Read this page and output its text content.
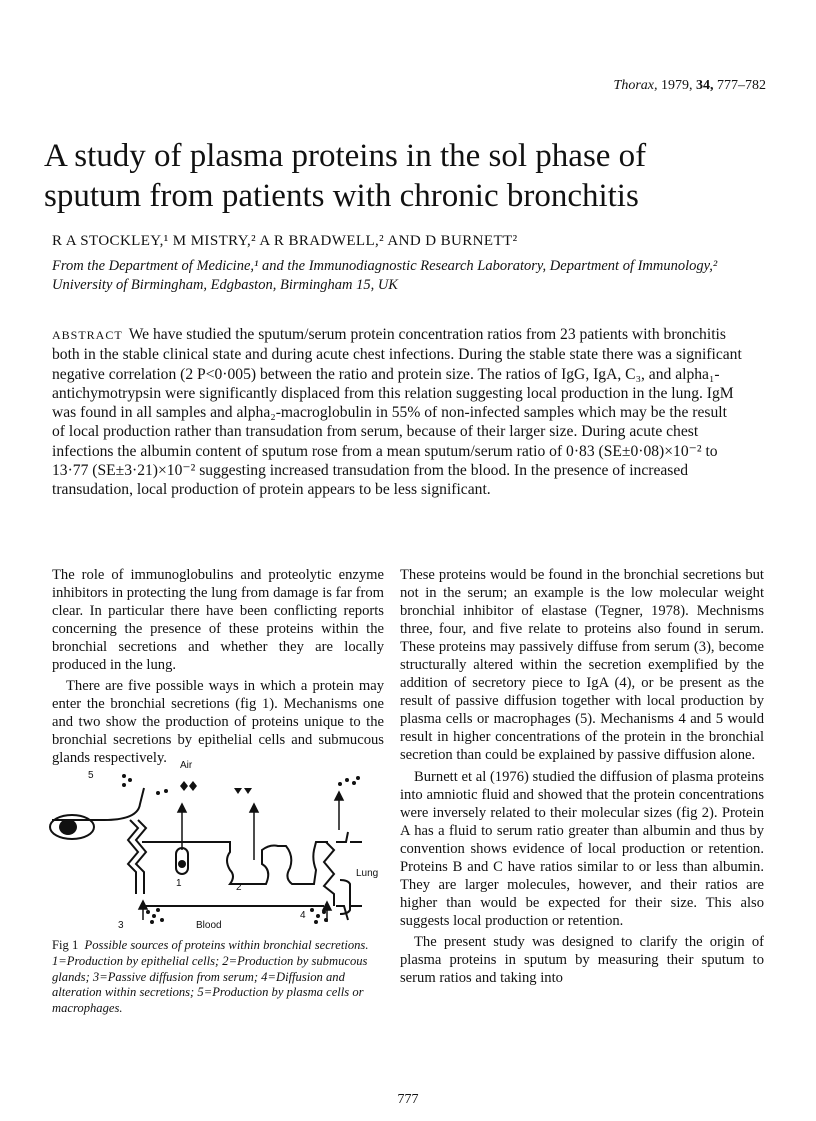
Thorax, 1979, 34, 777–782
A study of plasma proteins in the sol phase of sputum from patients with chronic bronchitis
R A STOCKLEY,¹ M MISTRY,² A R BRADWELL,² AND D BURNETT²
From the Department of Medicine,¹ and the Immunodiagnostic Research Laboratory, Department of Immunology,² University of Birmingham, Edgbaston, Birmingham 15, UK
ABSTRACT We have studied the sputum/serum protein concentration ratios from 23 patients with bronchitis both in the stable clinical state and during acute chest infections. During the stable state there was a significant negative correlation (2 P<0·005) between the ratio and protein size. The ratios of IgG, IgA, C₃, and alpha₁-antichymotrypsin were significantly displaced from this relation suggesting local production in the lung. IgM was found in all samples and alpha₂-macroglobulin in 55% of non-infected samples which may be the result of local production rather than transudation from serum, because of their larger size. During acute chest infections the albumin content of sputum rose from a mean sputum/serum ratio of 0·83 (SE±0·08)×10⁻² to 13·77 (SE±3·21)×10⁻² suggesting increased transudation from the blood. In the presence of increased transudation, local production of protein appears to be less significant.

The role of immunoglobulins and proteolytic enzyme inhibitors in protecting the lung from damage is far from clear. In particular there have been conflicting reports concerning the presence of these proteins within the bronchial secretions and whether they are locally produced in the lung.

There are five possible ways in which a protein may enter the bronchial secretions (fig 1). Mechanisms one and two show the production of proteins unique to the bronchial secretions by epithelial cells and submucous glands respectively.	Air
Blood
Lung
1	2
3
4
5
Fig 1 Possible sources of proteins within bronchial secretions. 1=Production by epithelial cells; 2=Production by submucous glands; 3=Passive diffusion from serum; 4=Diffusion and alteration within secretions; 5=Production by plasma cells or macrophages.

These proteins would be found in the bronchial secretions but not in the serum; an example is the low molecular weight bronchial inhibitor of elastase (Tegner, 1978). Mechnisms three, four, and five relate to proteins also found in serum. These proteins may passively diffuse from serum (3), become structurally altered within the secretion exemplified by the addition of secretory piece to IgA (4), or be present as the result of passive diffusion together with local production by plasma cells or macrophages (5). Mechanisms 4 and 5 would result in higher concentrations of the protein in the bronchial secretion than could be explained by passive diffusion alone.

Burnett et al (1976) studied the diffusion of plasma proteins into amniotic fluid and showed that the protein concentrations were inversely related to their molecular sizes (fig 2). Protein A has a fluid to serum ratio greater than albumin and thus by convention shows evidence of local production or retention. Proteins B and C have ratios similar to or less than albumin. They are larger molecules, however, and their ratios are higher than would be expected for their size. This also suggests local production or retention.

The present study was designed to clarify the origin of plasma proteins in sputum by measuring their sputum to serum ratios and taking into

777
